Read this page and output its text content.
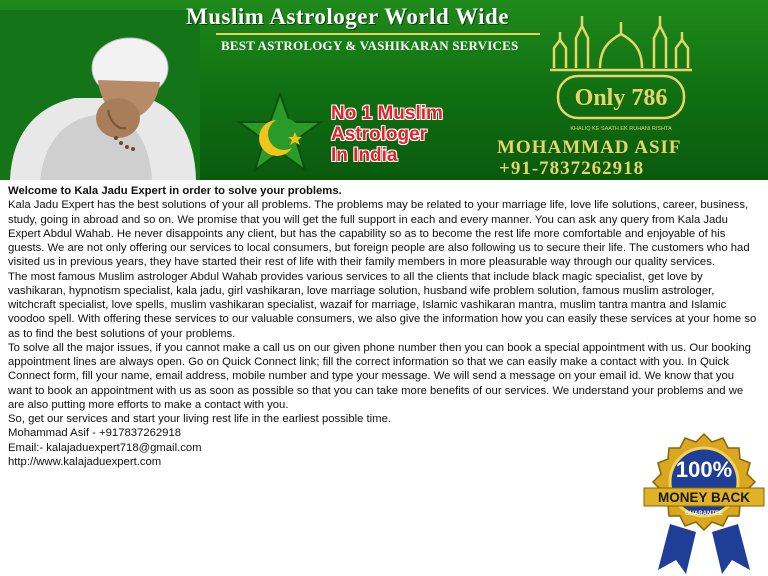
Muslim Astrologer World Wide
BEST ASTROLOGY & VASHIKARAN SERVICES
No 1 Muslim
Astrologer
In India
Only 786
KHALIQ KE SAATH EK RUHANI RISHTA
MOHAMMAD ASIF
+91-7837262918

Welcome to Kala Jadu Expert in order to solve your problems.

Kala Jadu Expert has the best solutions of your all problems. The problems may be related to your marriage life, love life solutions, career, business, study, going in abroad and so on. We promise that you will get the full support in each and every manner. You can ask any query from Kala Jadu Expert Abdul Wahab. He never disappoints any client, but has the capability so as to become the rest life more comfortable and enjoyable of his guests. We are not only offering our services to local consumers, but foreign people are also following us to secure their life. The customers who had visited us in previous years, they have started their rest of life with their family members in more pleasurable way through our quality services.

The most famous Muslim astrologer Abdul Wahab provides various services to all the clients that include black magic specialist, get love by vashikaran, hypnotism specialist, kala jadu, girl vashikaran, love marriage solution, husband wife problem solution, famous muslim astrologer, witchcraft specialist, love spells, muslim vashikaran specialist, wazaif for marriage, Islamic vashikaran mantra, muslim tantra mantra and Islamic voodoo spell. With offering these services to our valuable consumers, we also give the information how you can easily these services at your home so as to find the best solutions of your problems.

To solve all the major issues, if you cannot make a call us on our given phone number then you can book a special appointment with us. Our booking appointment lines are always open. Go on Quick Connect link; fill the correct information so that we can easily make a contact with you. In Quick Connect form, fill your name, email address, mobile number and type your message. We will send a message on your email id. We know that you want to book an appointment with us as soon as possible so that you can take more benefits of our services. We understand your problems and we are also putting more efforts to make a contact with you.

So, get our services and start your living rest life in the earliest possible time.

Mohammad Asif - +917837262918

Email:- kalajaduexpert718@gmail.com

http://www.kalajaduexpert.com	100%
MONEY BACK
GUARANTEE
